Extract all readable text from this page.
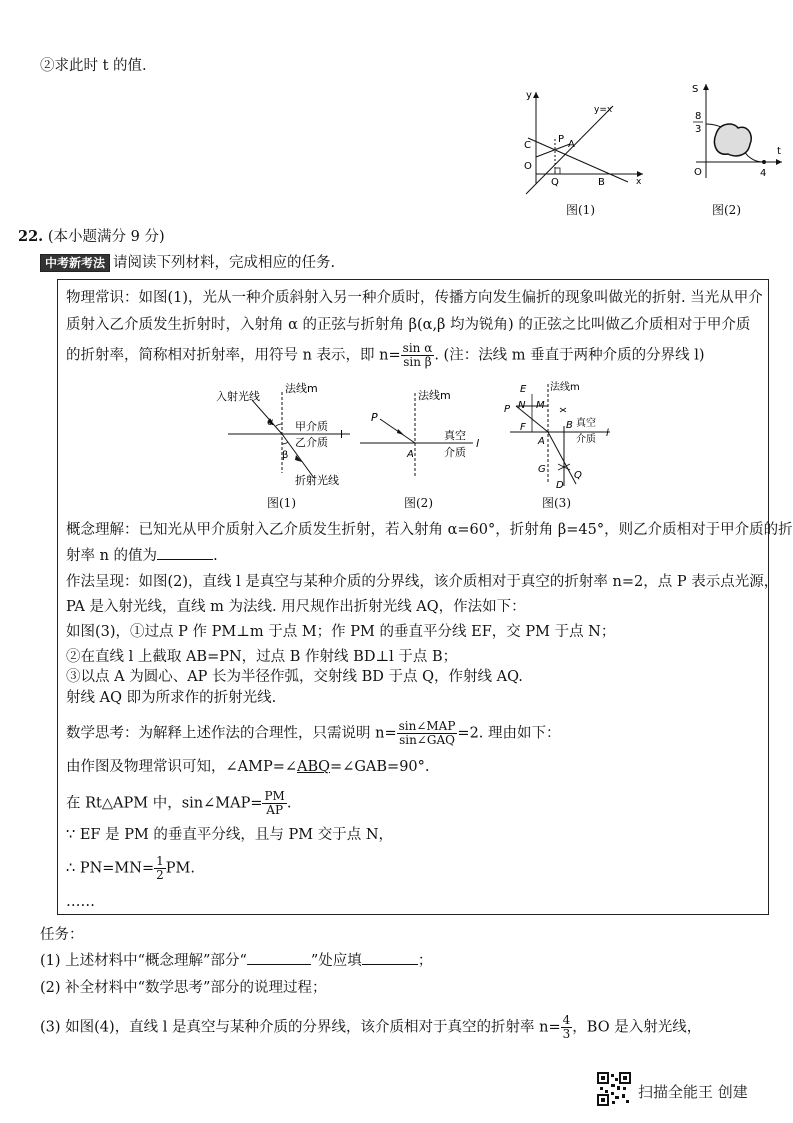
②求此时 t 的值.
y
y=x
P A
C
O
Q	B	x
图(1)
S
8
3
O	4
t
图(2)
22. (本小题满分 9 分)
中考新考法 请阅读下列材料，完成相应的任务.
物理常识：如图(1)，光从一种介质斜射入另一种介质时，传播方向发生偏折的现象叫做光的折射. 当光从甲介
质射入乙介质发生折射时，入射角 α 的正弦与折射角 β(α,β 均为锐角) 的正弦之比叫做乙介质相对于甲介质
的折射率，简称相对折射率，用符号 n 表示，即 $n= \frac{\text{sin α}}{\text{sin β}}$ . (注：法线 m 垂直于两种介质的分界线 l)
入射光线
法线m
α 甲介质
乙介质
l
β
折射光线
图(1)
法线m
P
真空
介质
A
l
图(2)
E 法线m
N M
P
F	B 真空
介质
A
l
G
D
Q
图(3)
概念理解：已知光从甲介质射入乙介质发生折射，若入射角 α=60°，折射角 β=45°，则乙介质相对于甲介质的折
射率 n 的值为	.
作法呈现：如图(2)，直线 l 是真空与某种介质的分界线，该介质相对于真空的折射率 n=2，点 P 表示点光源，
PA 是入射光线，直线 m 为法线. 用尺规作出折射光线 AQ，作法如下：
如图(3)，①过点 P 作 PM⊥m 于点 M；作 PM 的垂直平分线 EF，交 PM 于点 N；
②在直线 l 上截取 AB=PN，过点 B 作射线 BD⊥l 于点 B；
③以点 A 为圆心、AP 长为半径作弧，交射线 BD 于点 Q，作射线 AQ.
射线 AQ 即为所求作的折射光线.
数学思考：为解释上述作法的合理性，只需说明 $n= \frac{\text{sin∠MAP}}{\text{sin∠GAQ}} =2$. 理由如下：
由作图及物理常识可知，∠AMP=∠ABQ=∠GAB=90°.
在 Rt△APM 中，sin∠MAP= $\frac{PM}{AP}$ .
∵ EF 是 PM 的垂直平分线，且与 PM 交于点 N，
∴ $PN=MN= \frac{1}{2}$ PM.
……
任务：
(1) 上述材料中“概念理解”部分“	”处应填	；
(2) 补全材料中“数学思考”部分的说理过程；
(3) 如图(4)，直线 l 是真空与某种介质的分界线，该介质相对于真空的折射率 $n= \frac{4}{3}$ ，BO 是入射光线，
扫描全能王 创建
